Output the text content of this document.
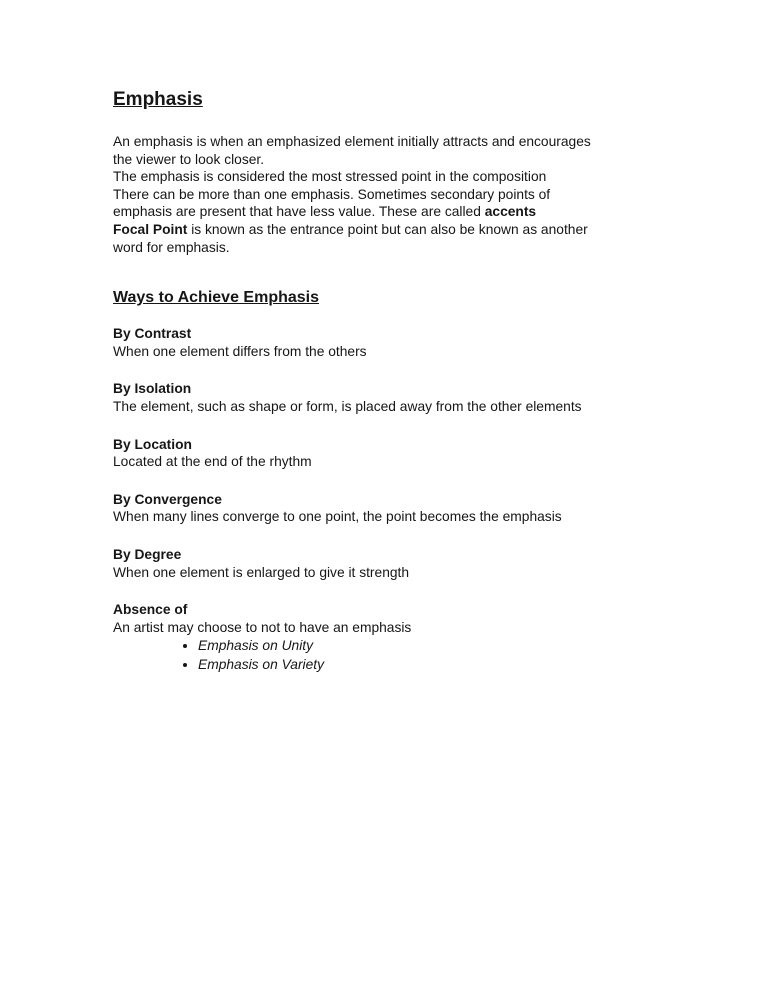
Emphasis
An emphasis is when an emphasized element initially attracts and encourages
the viewer to look closer.
The emphasis is considered the most stressed point in the composition
There can be more than one emphasis. Sometimes secondary points of
emphasis are present that have less value. These are called accents
Focal Point is known as the entrance point but can also be known as another
word for emphasis.
Ways to Achieve Emphasis
By Contrast
When one element differs from the others
By Isolation
The element, such as shape or form, is placed away from the other elements
By Location
Located at the end of the rhythm
By Convergence
When many lines converge to one point, the point becomes the emphasis
By Degree
When one element is enlarged to give it strength
Absence of
An artist may choose to not to have an emphasis
• Emphasis on Unity
• Emphasis on Variety
